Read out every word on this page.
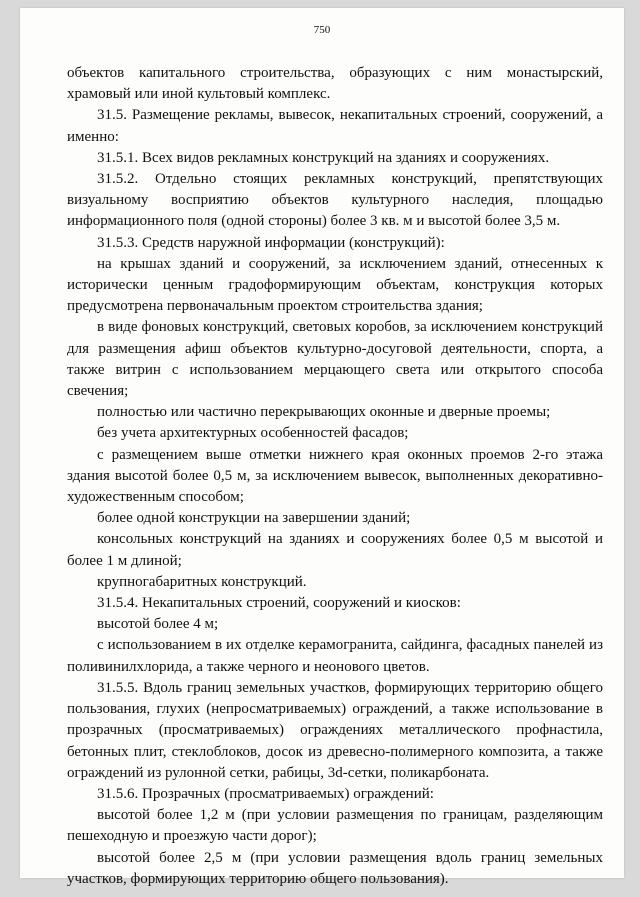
750

объектов капитального строительства, образующих с ним монастырский, храмовый или иной культовый комплекс.

31.5. Размещение рекламы, вывесок, некапитальных строений, сооружений, а именно:

31.5.1. Всех видов рекламных конструкций на зданиях и сооружениях.

31.5.2. Отдельно стоящих рекламных конструкций, препятствующих визуальному восприятию объектов культурного наследия, площадью информационного поля (одной стороны) более 3 кв. м и высотой более 3,5 м.

31.5.3. Средств наружной информации (конструкций):

на крышах зданий и сооружений, за исключением зданий, отнесенных к исторически ценным градоформирующим объектам, конструкция которых предусмотрена первоначальным проектом строительства здания;

в виде фоновых конструкций, световых коробов, за исключением конструкций для размещения афиш объектов культурно-досуговой деятельности, спорта, а также витрин с использованием мерцающего света или открытого способа свечения;

полностью или частично перекрывающих оконные и дверные проемы;

без учета архитектурных особенностей фасадов;

с размещением выше отметки нижнего края оконных проемов 2-го этажа здания высотой более 0,5 м, за исключением вывесок, выполненных декоративно-художественным способом;

более одной конструкции на завершении зданий;

консольных конструкций на зданиях и сооружениях более 0,5 м высотой и более 1 м длиной;

крупногабаритных конструкций.

31.5.4. Некапитальных строений, сооружений и киосков:

высотой более 4 м;

с использованием в их отделке керамогранита, сайдинга, фасадных панелей из поливинилхлорида, а также черного и неонового цветов.

31.5.5. Вдоль границ земельных участков, формирующих территорию общего пользования, глухих (непросматриваемых) ограждений, а также использование в прозрачных (просматриваемых) ограждениях металлического профнастила, бетонных плит, стеклоблоков, досок из древесно-полимерного композита, а также ограждений из рулонной сетки, рабицы, 3d-сетки, поликарбоната.

31.5.6. Прозрачных (просматриваемых) ограждений:

высотой более 1,2 м (при условии размещения по границам, разделяющим пешеходную и проезжую части дорог);

высотой более 2,5 м (при условии размещения вдоль границ земельных участков, формирующих территорию общего пользования).
